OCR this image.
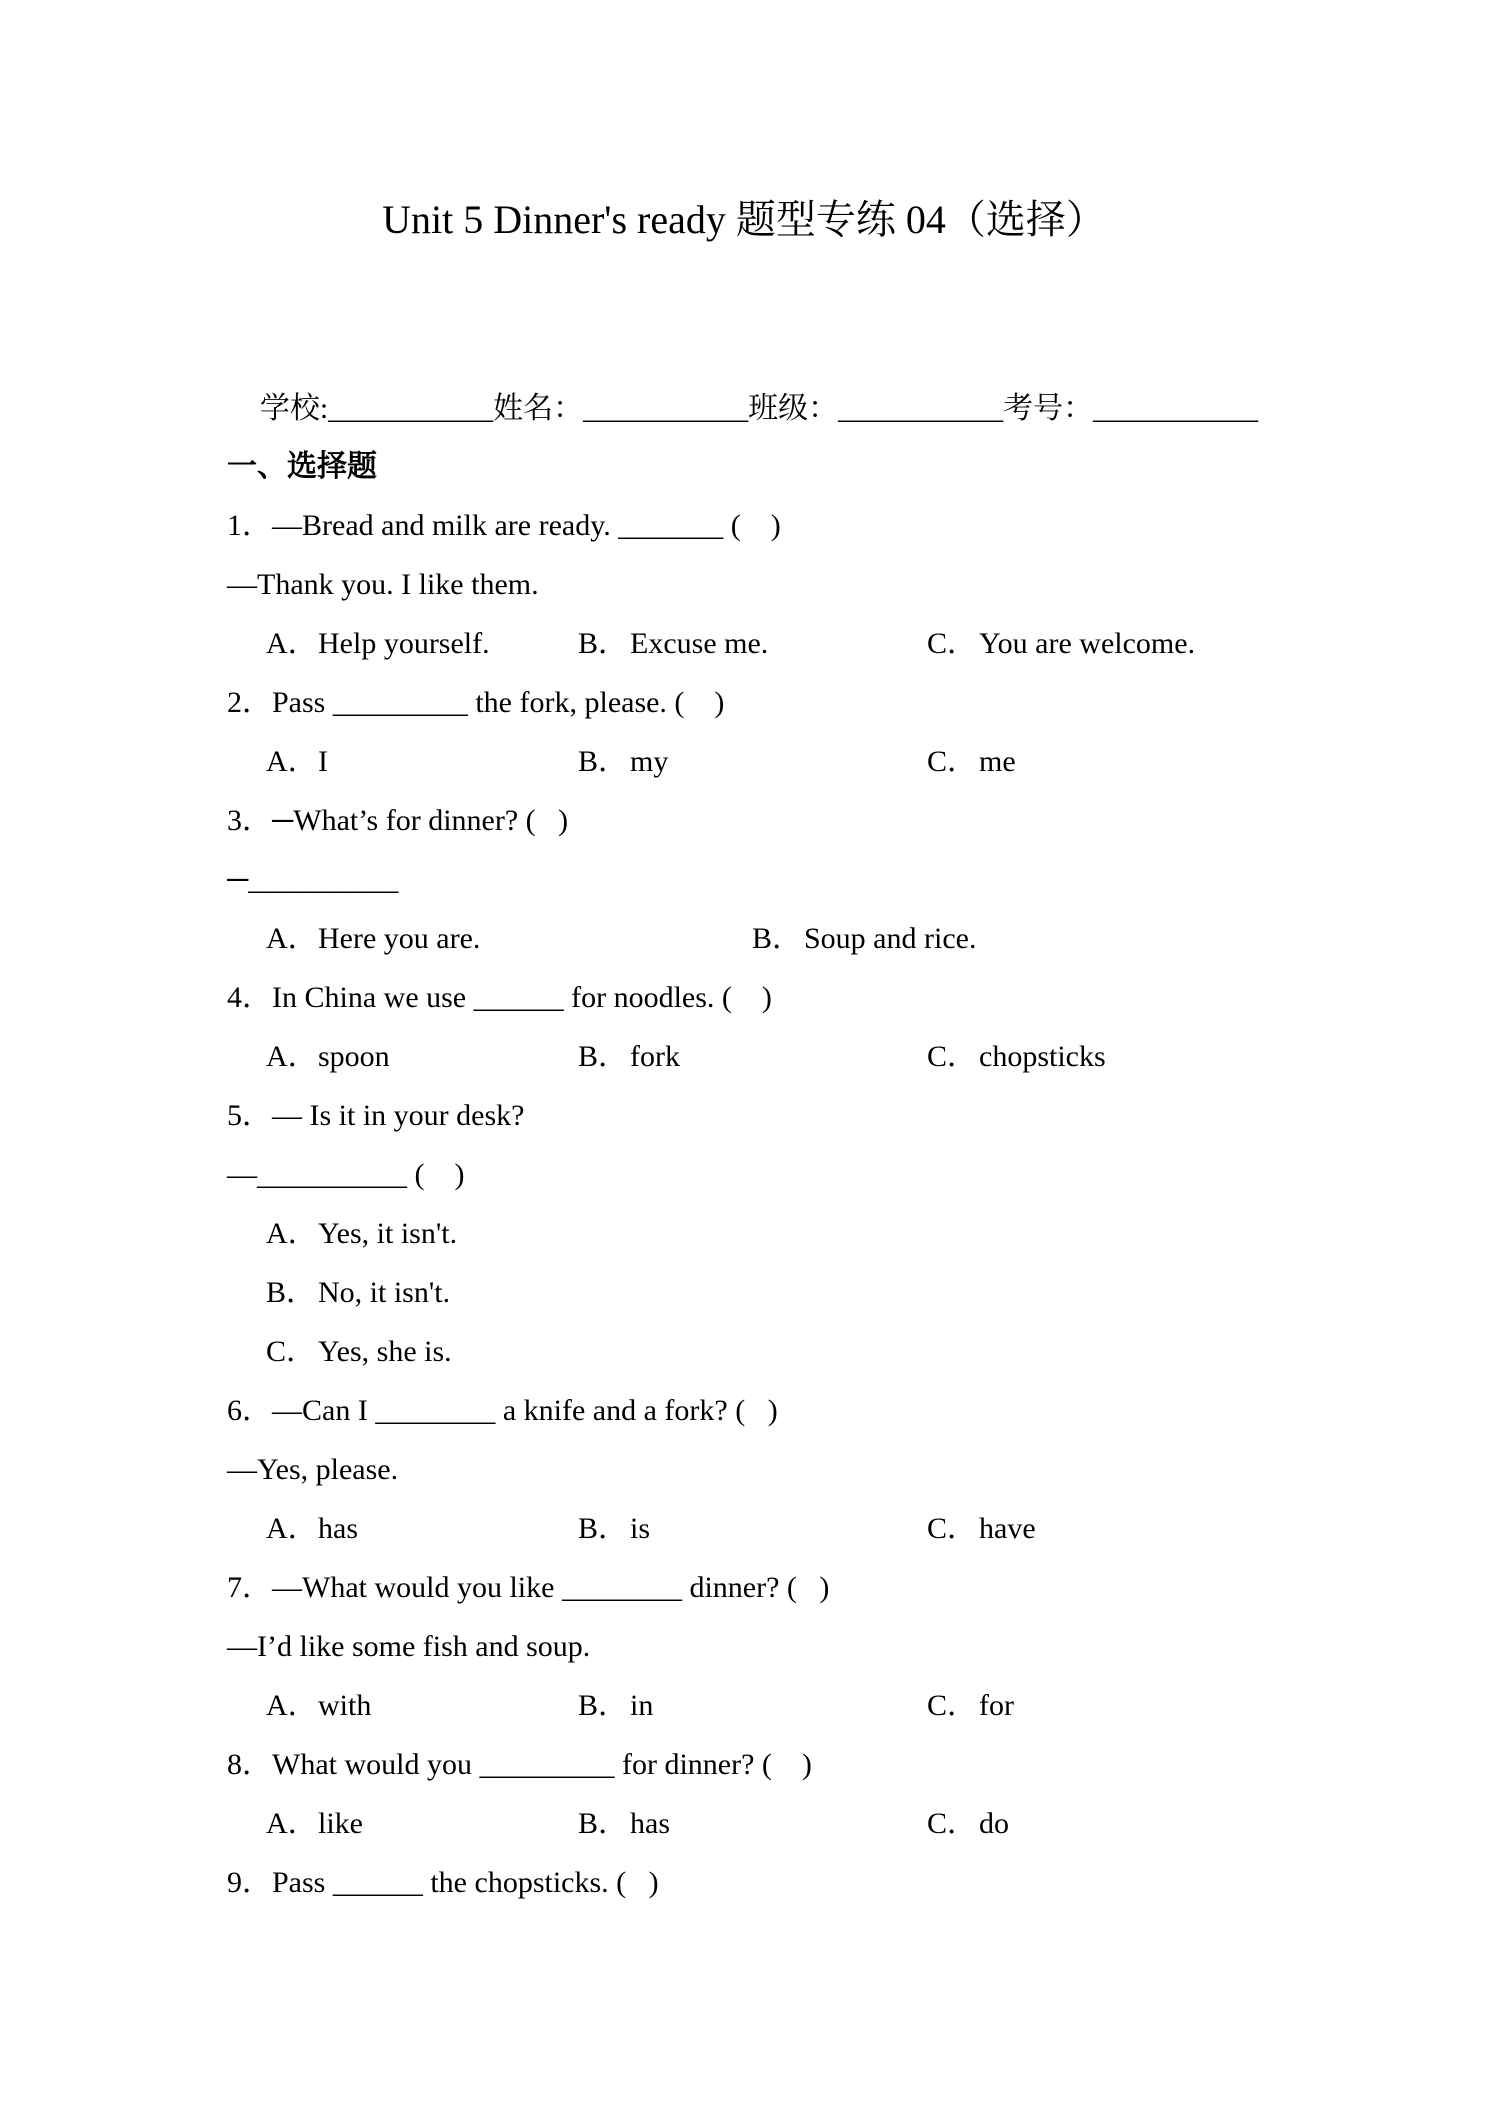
Unit 5 Dinner's ready 题型专练 04（选择）

学校:___________姓名：___________班级：___________考号：___________

一、选择题
1．—Bread and milk are ready. _______ (    )
—Thank you. I like them.
A．Help yourself.	B．Excuse me.	C．You are welcome.
2．Pass _________ the fork, please. (    )
A．I	B．my	C．me
3．─What’s for dinner? (   )
─__________
A．Here you are.	B．Soup and rice.
4．In China we use ______ for noodles. (    )
A．spoon	B．fork	C．chopsticks
5．— Is it in your desk?
—__________ (    )
A．Yes, it isn't.
B．No, it isn't.
C．Yes, she is.
6．—Can I ________ a knife and a fork? (   )
—Yes, please.
A．has	B．is	C．have
7．—What would you like ________ dinner? (   )
—I’d like some fish and soup.
A．with	B．in	C．for
8．What would you _________ for dinner? (    )
A．like	B．has	C．do
9．Pass ______ the chopsticks. (   )
